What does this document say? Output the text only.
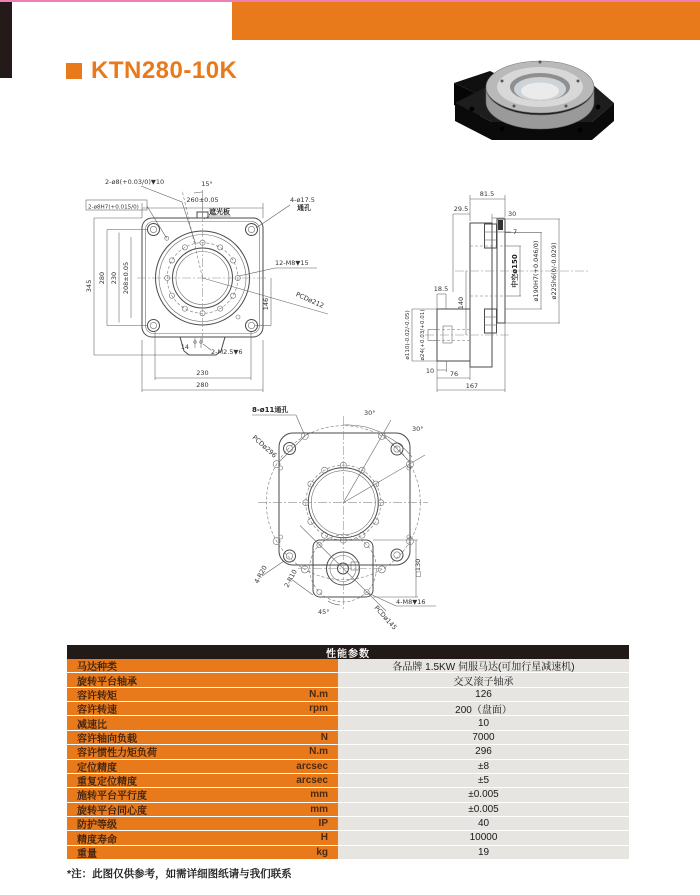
KTN280-10K
2-ø8(+0.03/0)▼10	15°
260±0.05
2-ø8H7(+0.015/0)
遮光板
4-ø17.5
通孔
12-M8▼15
PCDø212
146
345
280 230 208±0.05
14
2-M2.5▼6
230
280
81.5
29.5
30
7
中空ø150 ø190H7(+0.046/0) ø225h6(0/-0.029)
18.5
140
ø110(-0.02/-0.05) ø24(+0.03/+0.01)
10 76
167
8-ø11通孔
PCDø296
30°
30°
4-R20 2-R10
45°	PCDø145
4-M8▼16
□130
性能参数
马达种类	各品牌 1.5KW 伺服马达(可加行星减速机)
旋转平台轴承	交叉滚子轴承
容许转矩	N.m	126
容许转速	rpm	200（盘面）
减速比	10
容许轴向负载	N	7000
容许惯性力矩负荷	N.m	296
定位精度	arcsec	±8
重复定位精度	arcsec	±5
施转平台平行度	mm	±0.005
旋转平台同心度	mm	±0.005
防护等级	IP	40
精度寿命	H	10000
重量	kg	19
*注：此图仅供参考，如需详细图纸请与我们联系
